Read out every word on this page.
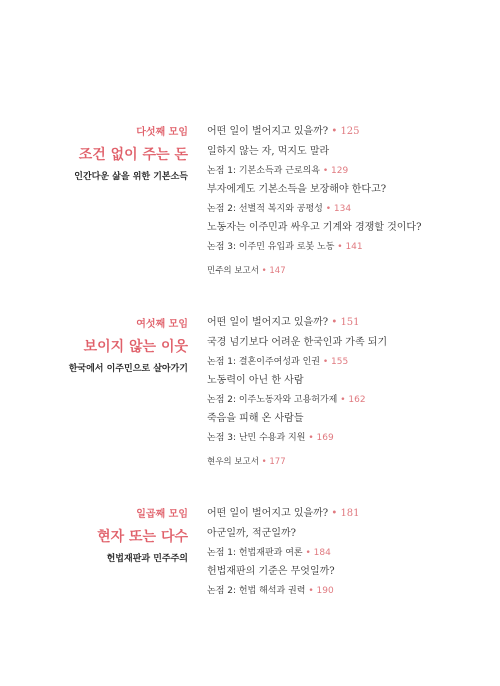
다섯째 모임
조건 없이 주는 돈
인간다운 삶을 위한 기본소득
어떤 일이 벌어지고 있을까? • 125
일하지 않는 자, 먹지도 말라
논점 1: 기본소득과 근로의욕 • 129
부자에게도 기본소득을 보장해야 한다고?
논점 2: 선별적 복지와 공평성 • 134
노동자는 이주민과 싸우고 기계와 경쟁할 것이다?
논점 3: 이주민 유입과 로봇 노동 • 141
민주의 보고서 • 147
여섯째 모임
보이지 않는 이웃
한국에서 이주민으로 살아가기
어떤 일이 벌어지고 있을까? • 151
국경 넘기보다 어려운 한국인과 가족 되기
논점 1: 결혼이주여성과 인권 • 155
노동력이 아닌 한 사람
논점 2: 이주노동자와 고용허가제 • 162
죽음을 피해 온 사람들
논점 3: 난민 수용과 지원 • 169
현우의 보고서 • 177
일곱째 모임
현자 또는 다수
헌법재판과 민주주의
어떤 일이 벌어지고 있을까? • 181
아군일까, 적군일까?
논점 1: 헌법재판과 여론 • 184
헌법재판의 기준은 무엇일까?
논점 2: 헌법 해석과 권력 • 190
